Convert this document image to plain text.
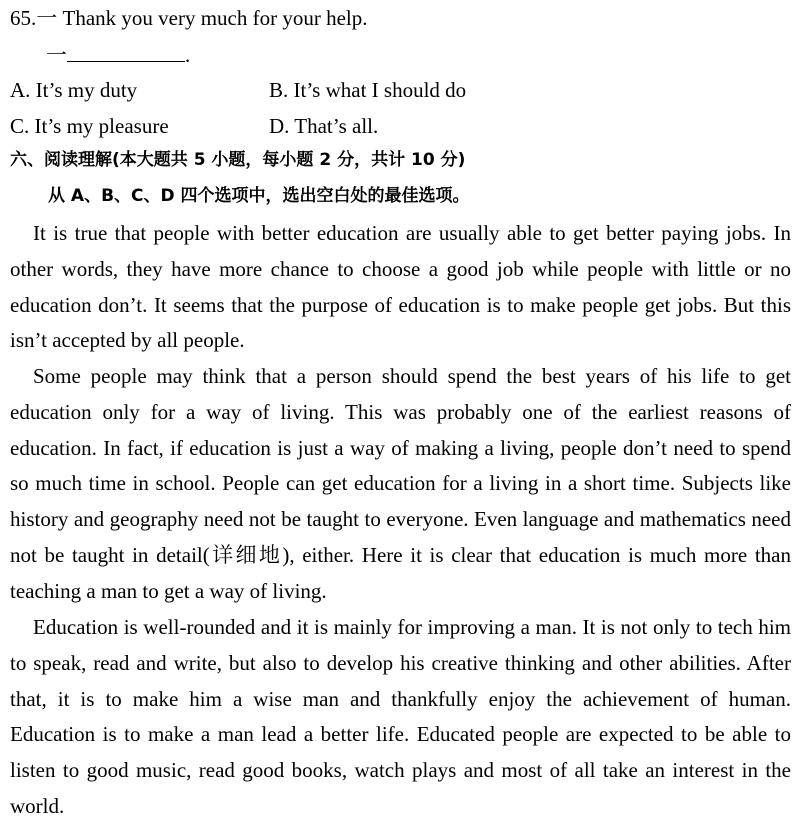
65.一 Thank you very much for your help.
一	.
A. It’s my duty	B. It’s what I should do
C. It’s my pleasure	D. That’s all.
六、阅读理解(本大题共 5 小题，每小题 2 分，共计 10 分)
从 A、B、C、D 四个选项中，选出空白处的最佳选项。
It is true that people with better education are usually able to get better paying jobs. In other words, they have more chance to choose a good job while people with little or no education don’t. It seems that the purpose of education is to make people get jobs. But this isn’t accepted by all people.
Some people may think that a person should spend the best years of his life to get education only for a way of living. This was probably one of the earliest reasons of education. In fact, if education is just a way of making a living, people don’t need to spend so much time in school. People can get education for a living in a short time. Subjects like history and geography need not be taught to everyone. Even language and mathematics need not be taught in detail(详细地), either. Here it is clear that education is much more than teaching a man to get a way of living.
Education is well-rounded and it is mainly for improving a man. It is not only to tech him to speak, read and write, but also to develop his creative thinking and other abilities. After that, it is to make him a wise man and thankfully enjoy the achievement of human. Education is to make a man lead a better life. Educated people are expected to be able to listen to good music, read good books, watch plays and most of all take an interest in the world.
